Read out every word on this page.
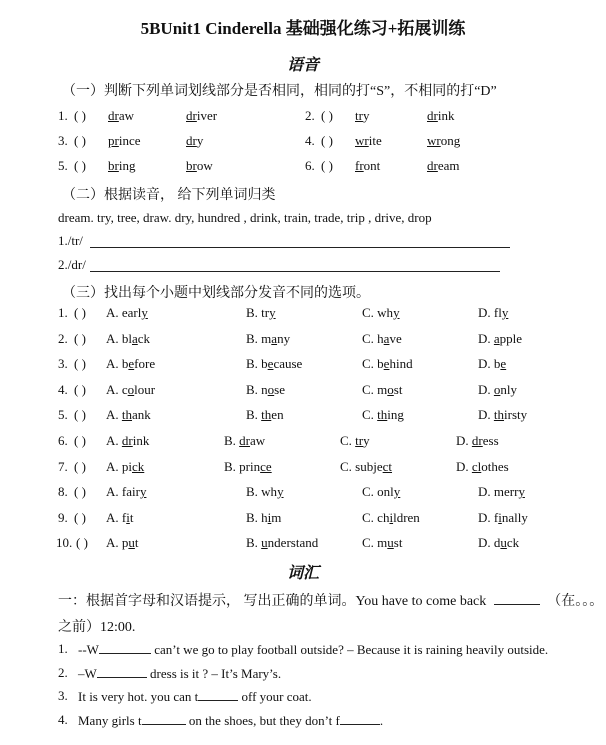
5BUnit1 Cinderella 基础强化练习+拓展训练
语音
（一）判断下列单词划线部分是否相同，相同的打“S”，不相同的打“D”
1. ( ) draw	driver	2. ( ) try	drink
3. ( ) prince	dry	4. ( ) write	wrong
5. ( ) bring	brow	6. ( ) front	dream
（二）根据读音， 给下列单词归类
dream. try, tree, draw. dry, hundred , drink, train, trade, trip , drive, drop
1./tr/
2./dr/
（三）找出每个小题中划线部分发音不同的选项。
1. ( ) A. early	B. try	C. why	D. fly
2. ( ) A. black	B. many	C. have	D. apple
3. ( ) A. before	B. because	C. behind	D. be
4. ( ) A. colour	B. nose	C. most	D. only
5. ( ) A. thank	B. then	C. thing	D. thirsty
6. ( ) A. drink	B. draw	C. try	D. dress
7. ( ) A. pick	B. prince	C. subject	D. clothes
8. ( ) A. fairy	B. why	C. only	D. merry
9. ( ) A. fit	B. him	C. children	D. finally
10. ( ) A. put	B. understand	C. must	D. duck
词汇
一：根据首字母和汉语提示， 写出正确的单词。You have to come back	（在。。。
之前）12:00.
1. --W	can’t we go to play football outside? – Because it is raining heavily outside.
2. –W	dress is it ? – It’s Mary’s.
3. It is very hot. you can t	off your coat.
4. Many girls t	on the shoes, but they don’t f	.
